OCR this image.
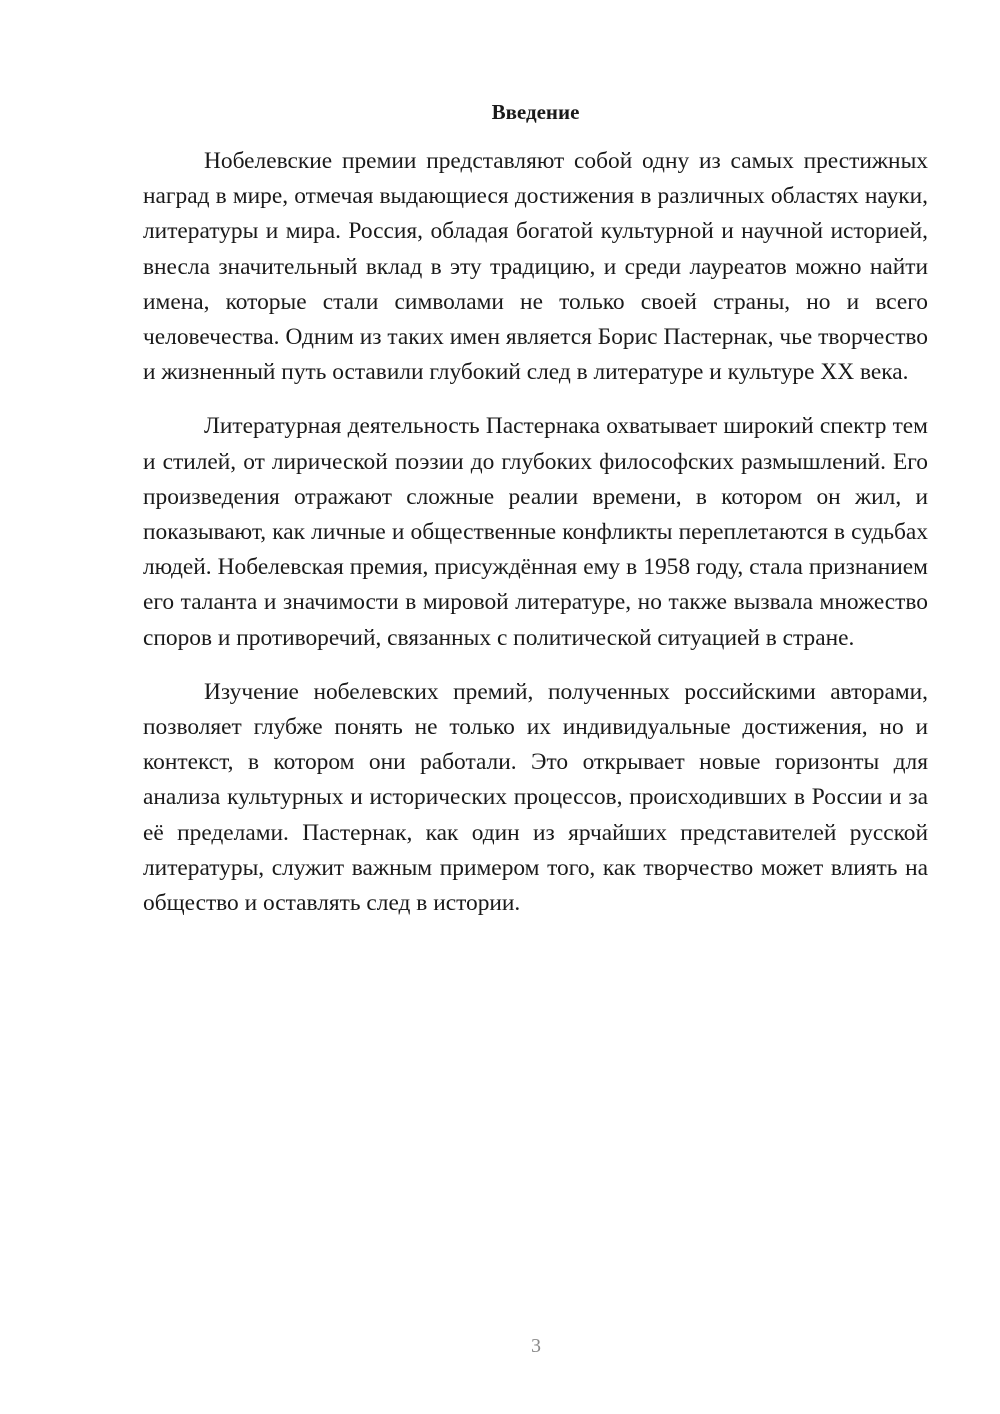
Введение

Нобелевские премии представляют собой одну из самых престижных наград в мире, отмечая выдающиеся достижения в различных областях науки, литературы и мира. Россия, обладая богатой культурной и научной историей, внесла значительный вклад в эту традицию, и среди лауреатов можно найти имена, которые стали символами не только своей страны, но и всего человечества. Одним из таких имен является Борис Пастернак, чье творчество и жизненный путь оставили глубокий след в литературе и культуре XX века.

Литературная деятельность Пастернака охватывает широкий спектр тем и стилей, от лирической поэзии до глубоких философских размышлений. Его произведения отражают сложные реалии времени, в котором он жил, и показывают, как личные и общественные конфликты переплетаются в судьбах людей. Нобелевская премия, присуждённая ему в 1958 году, стала признанием его таланта и значимости в мировой литературе, но также вызвала множество споров и противоречий, связанных с политической ситуацией в стране.

Изучение нобелевских премий, полученных российскими авторами, позволяет глубже понять не только их индивидуальные достижения, но и контекст, в котором они работали. Это открывает новые горизонты для анализа культурных и исторических процессов, происходивших в России и за её пределами. Пастернак, как один из ярчайших представителей русской литературы, служит важным примером того, как творчество может влиять на общество и оставлять след в истории.

3
